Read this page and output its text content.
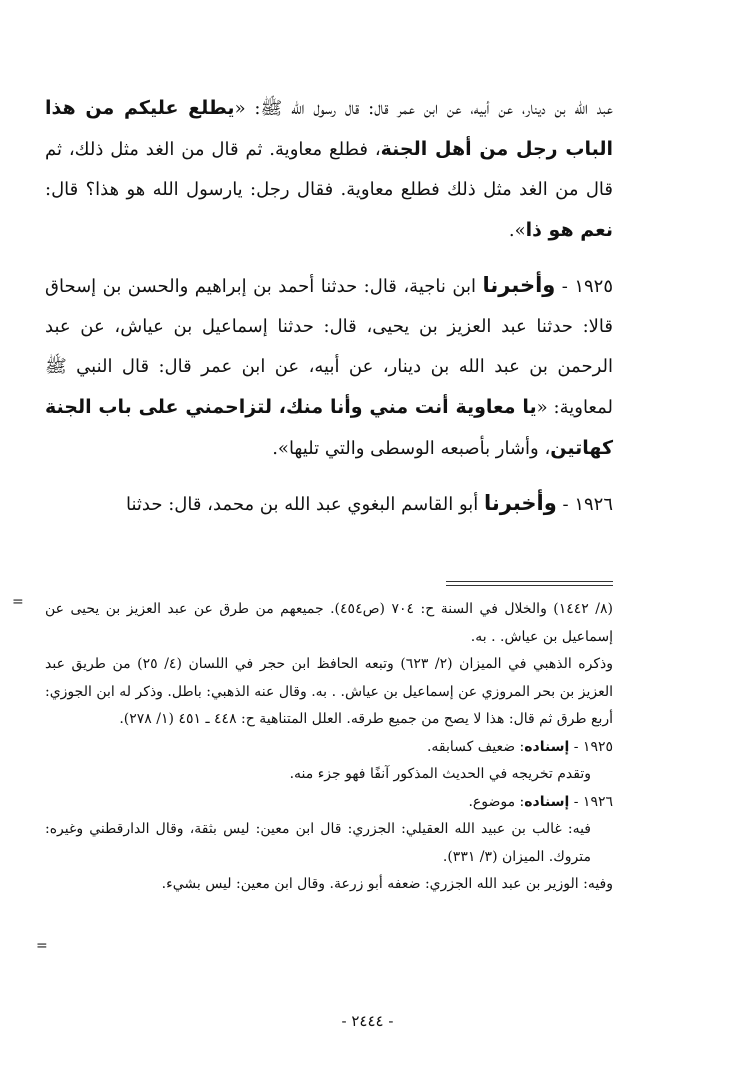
عبد الله بن دينار، عن أبيه، عن ابن عمر قال: قال رسول الله ﷺ: «يطلع عليكم من هذا الباب رجل من أهل الجنة، فطلع معاوية. ثم قال من الغد مثل ذلك، ثم قال من الغد مثل ذلك فطلع معاوية. فقال رجل: يارسول الله هو هذا؟ قال: نعم هو ذا».

١٩٢٥ - وأخبرنا ابن ناجية، قال: حدثنا أحمد بن إبراهيم والحسن بن إسحاق قالا: حدثنا عبد العزيز بن يحيى، قال: حدثنا إسماعيل بن عياش، عن عبد الرحمن بن عبد الله بن دينار، عن أبيه، عن ابن عمر قال: قال النبي ﷺ لمعاوية: «يا معاوية أنت مني وأنا منك، لتزاحمني على باب الجنة كهاتين، وأشار بأصبعه الوسطى والتي تليها».

١٩٢٦ - وأخبرنا أبو القاسم البغوي عبد الله بن محمد، قال: حدثنا

=
=

(٨/ ١٤٤٢) والخلال في السنة ح: ٧٠٤ (ص٤٥٤). جميعهم من طرق عن عبد العزيز بن يحيى عن إسماعيل بن عياش. . به.

وذكره الذهبي في الميزان (٢/ ٦٢٣) وتبعه الحافظ ابن حجر في اللسان (٤/ ٢٥) من طريق عبد العزيز بن بحر المروزي عن إسماعيل بن عياش. . به. وقال عنه الذهبي: باطل. وذكر له ابن الجوزي: أربع طرق ثم قال: هذا لا يصح من جميع طرقه. العلل المتناهية ح: ٤٤٨ ـ ٤٥١ (١/ ٢٧٨).

١٩٢٥ - إسناده: ضعيف كسابقه.

وتقدم تخريجه في الحديث المذكور آنفًا فهو جزء منه.

١٩٢٦ - إسناده: موضوع.

فيه: غالب بن عبيد الله العقيلي: الجزري: قال ابن معين: ليس بثقة، وقال الدارقطني وغيره: متروك. الميزان (٣/ ٣٣١).

وفيه: الوزير بن عبد الله الجزري: ضعفه أبو زرعة. وقال ابن معين: ليس بشيء.

- ٢٤٤٤ -
